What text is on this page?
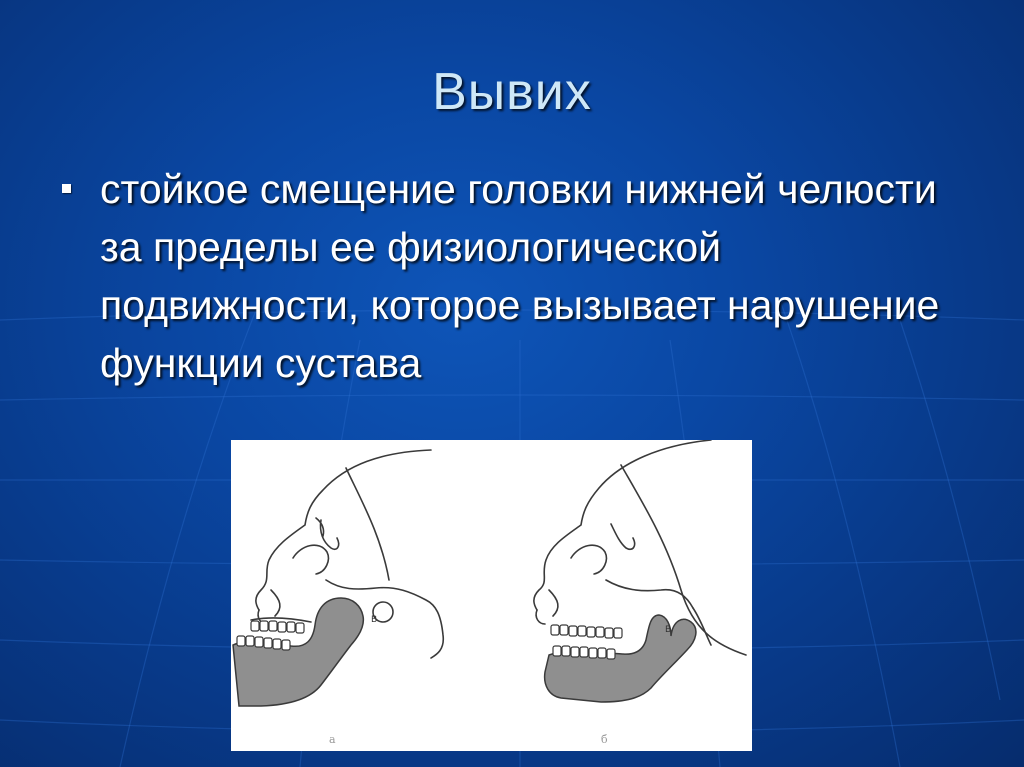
Вывих
стойкое смещение головки нижней челюсти за пределы ее физиологической подвижности, которое вызывает нарушение функции сустава
В
В
а	б
